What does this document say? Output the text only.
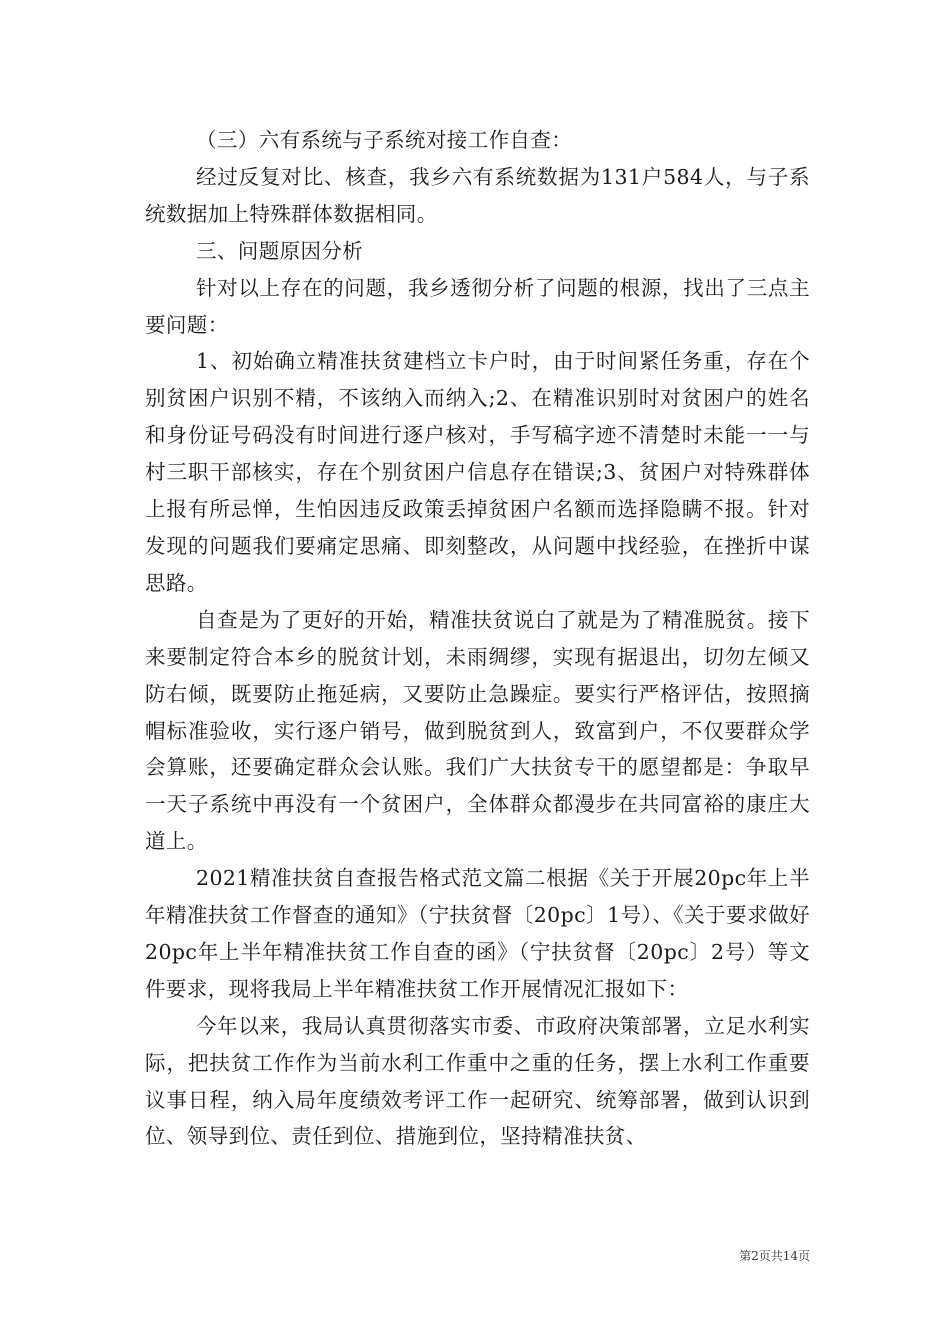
（三）六有系统与子系统对接工作自查：

经过反复对比、核查，我乡六有系统数据为131户584人，与子系统数据加上特殊群体数据相同。

三、问题原因分析

针对以上存在的问题，我乡透彻分析了问题的根源，找出了三点主要问题：

1、初始确立精准扶贫建档立卡户时，由于时间紧任务重，存在个别贫困户识别不精，不该纳入而纳入;2、在精准识别时对贫困户的姓名和身份证号码没有时间进行逐户核对，手写稿字迹不清楚时未能一一与村三职干部核实，存在个别贫困户信息存在错误;3、贫困户对特殊群体上报有所忌惮，生怕因违反政策丢掉贫困户名额而选择隐瞒不报。针对发现的问题我们要痛定思痛、即刻整改，从问题中找经验，在挫折中谋思路。

自查是为了更好的开始，精准扶贫说白了就是为了精准脱贫。接下来要制定符合本乡的脱贫计划，未雨绸缪，实现有据退出，切勿左倾又防右倾，既要防止拖延病，又要防止急躁症。要实行严格评估，按照摘帽标准验收，实行逐户销号，做到脱贫到人，致富到户，不仅要群众学会算账，还要确定群众会认账。我们广大扶贫专干的愿望都是：争取早一天子系统中再没有一个贫困户，全体群众都漫步在共同富裕的康庄大道上。

2021精准扶贫自查报告格式范文篇二根据《关于开展20pc年上半年精准扶贫工作督查的通知》（宁扶贫督〔20pc〕1号）、《关于要求做好20pc年上半年精准扶贫工作自查的函》（宁扶贫督〔20pc〕2号）等文件要求，现将我局上半年精准扶贫工作开展情况汇报如下：

今年以来，我局认真贯彻落实市委、市政府决策部署，立足水利实际，把扶贫工作作为当前水利工作重中之重的任务，摆上水利工作重要议事日程，纳入局年度绩效考评工作一起研究、统筹部署，做到认识到位、领导到位、责任到位、措施到位，坚持精准扶贫、

第2页共14页
